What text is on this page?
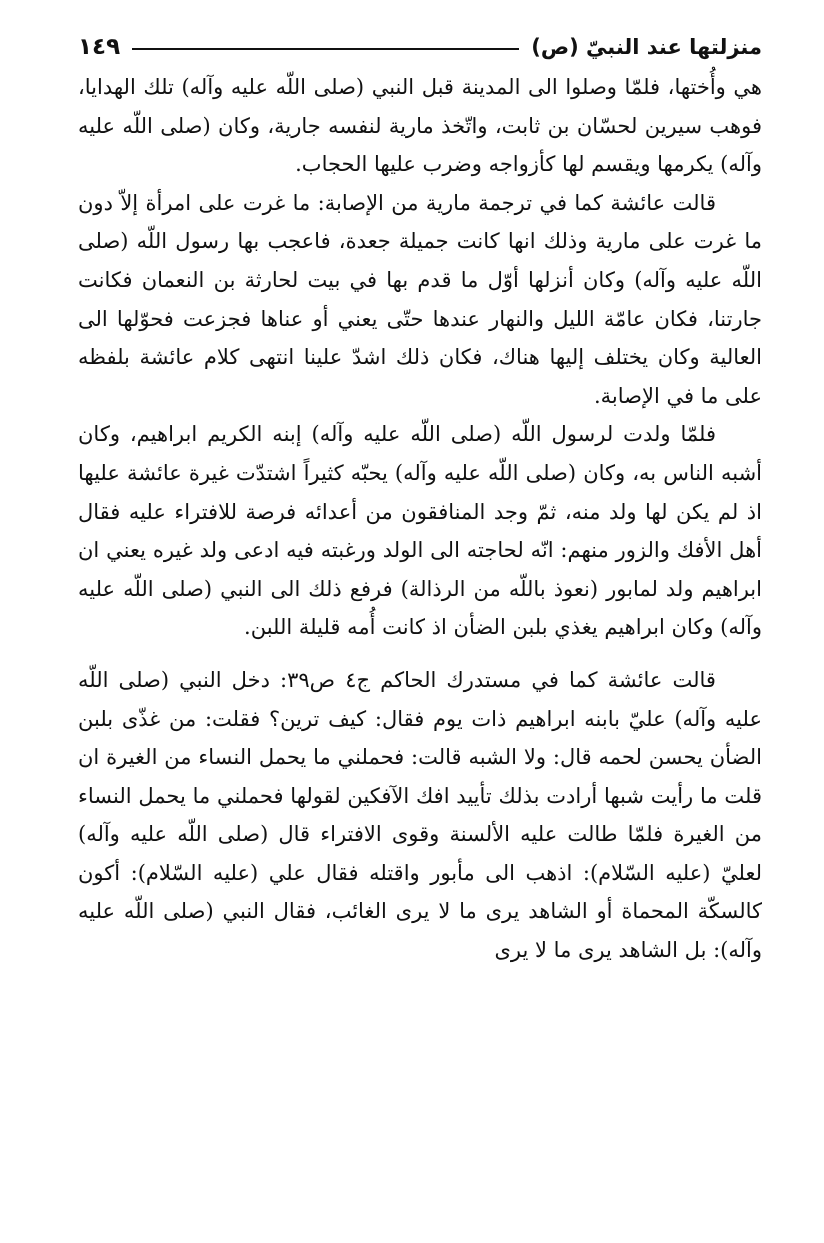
منزلتها عند النبيّ (ص)
١٤٩

هي وأُختها، فلمّا وصلوا الى المدينة قبل النبي (صلى اللّه عليه وآله) تلك الهدايا، فوهب سيرين لحسّان بن ثابت، واتّخذ مارية لنفسه جارية، وكان (صلى اللّه عليه وآله) يكرمها ويقسم لها كأزواجه وضرب عليها الحجاب.

قالت عائشة كما في ترجمة مارية من الإصابة: ما غرت على امرأة إلاّ دون ما غرت على مارية وذلك انها كانت جميلة جعدة، فاعجب بها رسول اللّه (صلى اللّه عليه وآله) وكان أنزلها أوّل ما قدم بها في بيت لحارثة بن النعمان فكانت جارتنا، فكان عامّة الليل والنهار عندها حتّى يعني أو عناها فجزعت فحوّلها الى العالية وكان يختلف إليها هناك، فكان ذلك اشدّ علينا انتهى كلام عائشة بلفظه على ما في الإصابة.

فلمّا ولدت لرسول اللّه (صلى اللّه عليه وآله) إبنه الكريم ابراهيم، وكان أشبه الناس به، وكان (صلى اللّه عليه وآله) يحبّه كثيراً اشتدّت غيرة عائشة عليها اذ لم يكن لها ولد منه، ثمّ وجد المنافقون من أعدائه فرصة للافتراء عليه فقال أهل الأفك والزور منهم: انّه لحاجته الى الولد ورغبته فيه ادعى ولد غيره يعني ان ابراهيم ولد لمابور (نعوذ باللّه من الرذالة) فرفع ذلك الى النبي (صلى اللّه عليه وآله) وكان ابراهيم يغذي بلبن الضأن اذ كانت أُمه قليلة اللبن.

قالت عائشة كما في مستدرك الحاكم ج٤ ص٣٩: دخل النبي (صلى اللّه عليه وآله) عليّ بابنه ابراهيم ذات يوم فقال: كيف ترين؟ فقلت: من غذّى بلبن الضأن يحسن لحمه قال: ولا الشبه قالت: فحملني ما يحمل النساء من الغيرة ان قلت ما رأيت شبها أرادت بذلك تأييد افك الآفكين لقولها فحملني ما يحمل النساء من الغيرة فلمّا طالت عليه الألسنة وقوى الافتراء قال (صلى اللّه عليه وآله) لعليّ (عليه السّلام): اذهب الى مأبور واقتله فقال علي (عليه السّلام): أكون كالسكّة المحماة أو الشاهد يرى ما لا يرى الغائب، فقال النبي (صلى اللّه عليه وآله): بل الشاهد يرى ما لا يرى
